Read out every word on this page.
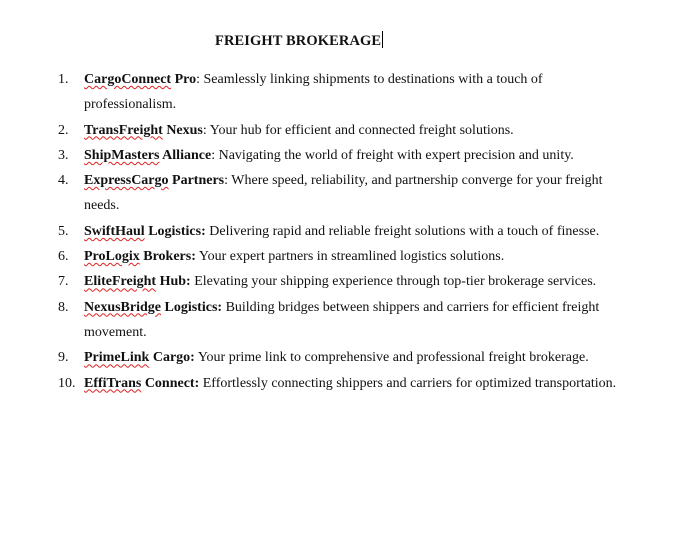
FREIGHT BROKERAGE
1.	CargoConnect Pro: Seamlessly linking shipments to destinations with a touch of professionalism.
2.	TransFreight Nexus: Your hub for efficient and connected freight solutions.
3.	ShipMasters Alliance: Navigating the world of freight with expert precision and unity.
4.	ExpressCargo Partners: Where speed, reliability, and partnership converge for your freight needs.
5.	SwiftHaul Logistics: Delivering rapid and reliable freight solutions with a touch of finesse.
6.	ProLogix Brokers: Your expert partners in streamlined logistics solutions.
7.	EliteFreight Hub: Elevating your shipping experience through top-tier brokerage services.
8.	NexusBridge Logistics: Building bridges between shippers and carriers for efficient freight movement.
9.	PrimeLink Cargo: Your prime link to comprehensive and professional freight brokerage.
10. EffiTrans Connect: Effortlessly connecting shippers and carriers for optimized transportation.
